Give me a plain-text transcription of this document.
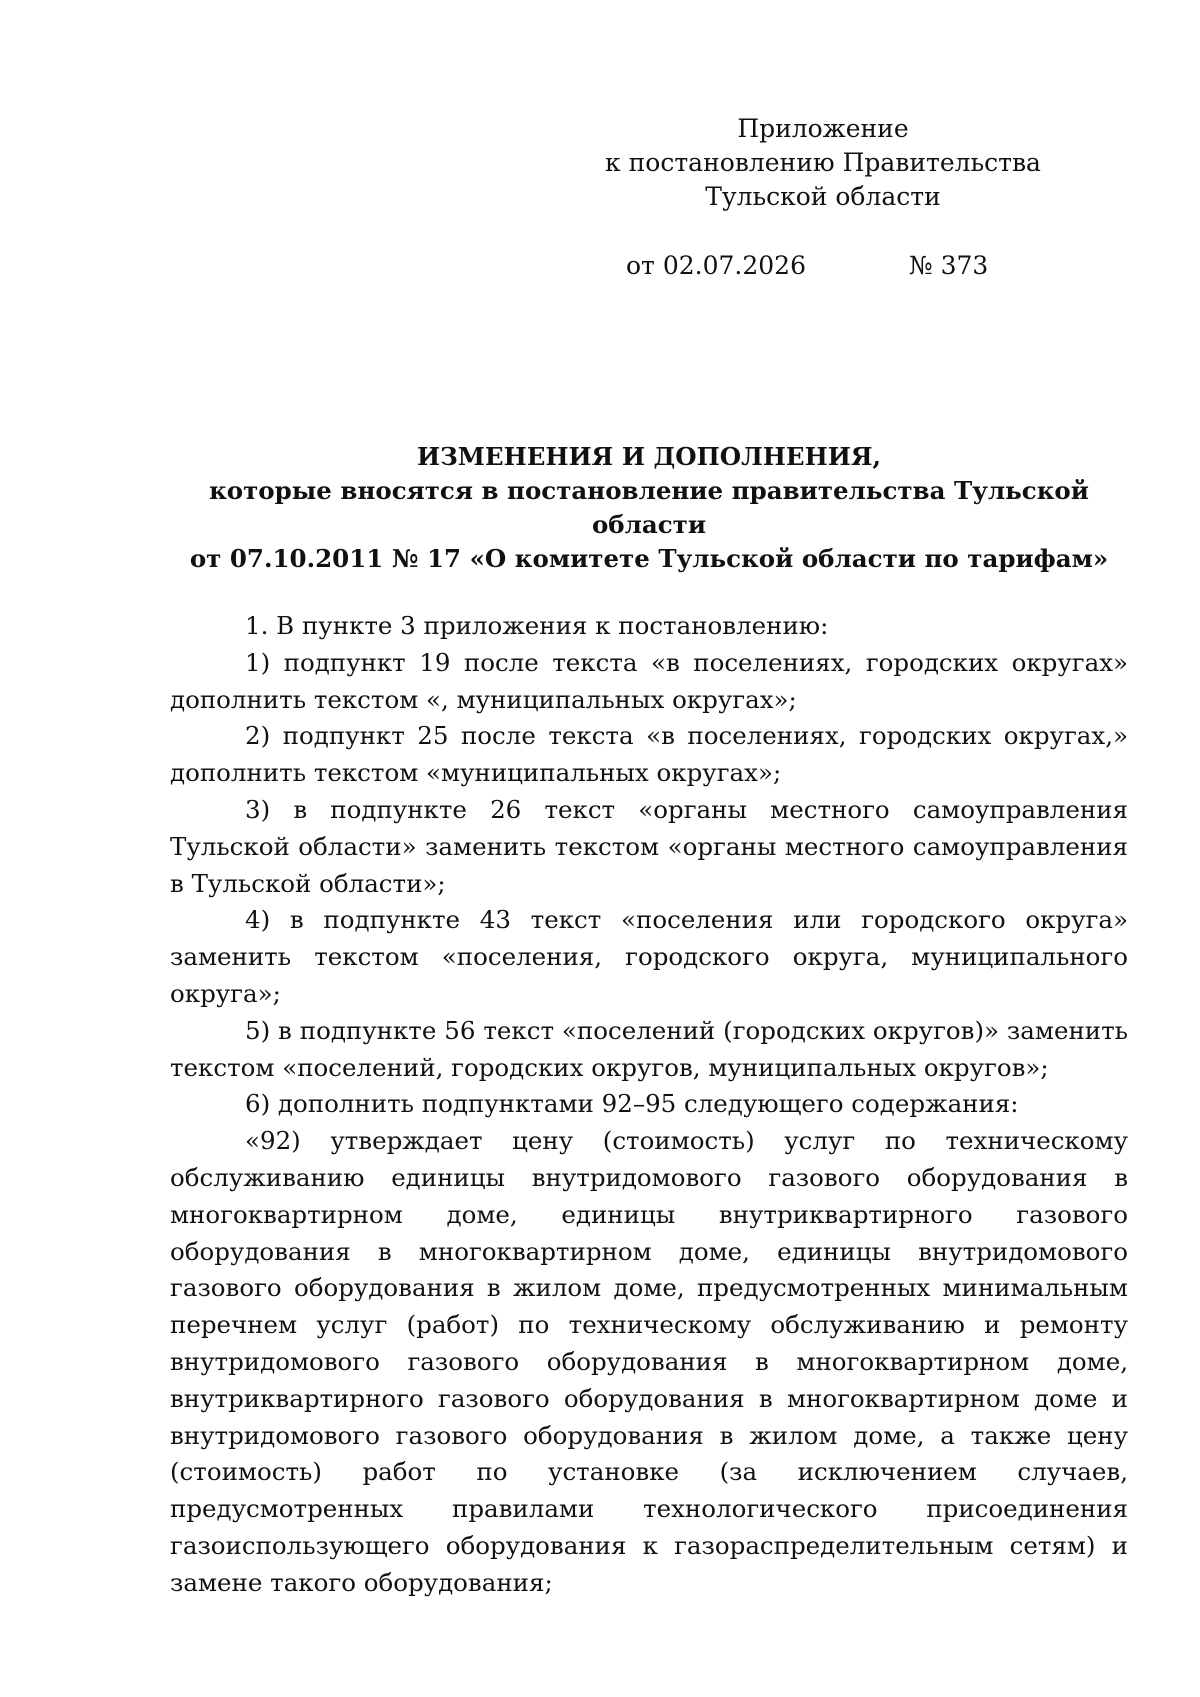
Приложение
к постановлению Правительства
Тульской области
от 02.07.2026	№ 373
ИЗМЕНЕНИЯ И ДОПОЛНЕНИЯ,
которые вносятся в постановление правительства Тульской области
от 07.10.2011 № 17 «О комитете Тульской области по тарифам»

1. В пункте 3 приложения к постановлению:

1) подпункт 19 после текста «в поселениях, городских округах» дополнить текстом «, муниципальных округах»;

2) подпункт 25 после текста «в поселениях, городских округах,» дополнить текстом «муниципальных округах»;

3) в подпункте 26 текст «органы местного самоуправления Тульской области» заменить текстом «органы местного самоуправления в Тульской области»;

4) в подпункте 43 текст «поселения или городского округа» заменить текстом «поселения, городского округа, муниципального округа»;

5) в подпункте 56 текст «поселений (городских округов)» заменить текстом «поселений, городских округов, муниципальных округов»;

6) дополнить подпунктами 92–95 следующего содержания:

«92) утверждает цену (стоимость) услуг по техническому обслуживанию единицы внутридомового газового оборудования в многоквартирном доме, единицы внутриквартирного газового оборудования в многоквартирном доме, единицы внутридомового газового оборудования в жилом доме, предусмотренных минимальным перечнем услуг (работ) по техническому обслуживанию и ремонту внутридомового газового оборудования в многоквартирном доме, внутриквартирного газового оборудования в многоквартирном доме и внутридомового газового оборудования в жилом доме, а также цену (стоимость) работ по установке (за исключением случаев, предусмотренных правилами технологического присоединения газоиспользующего оборудования к газораспределительным сетям) и замене такого оборудования;
